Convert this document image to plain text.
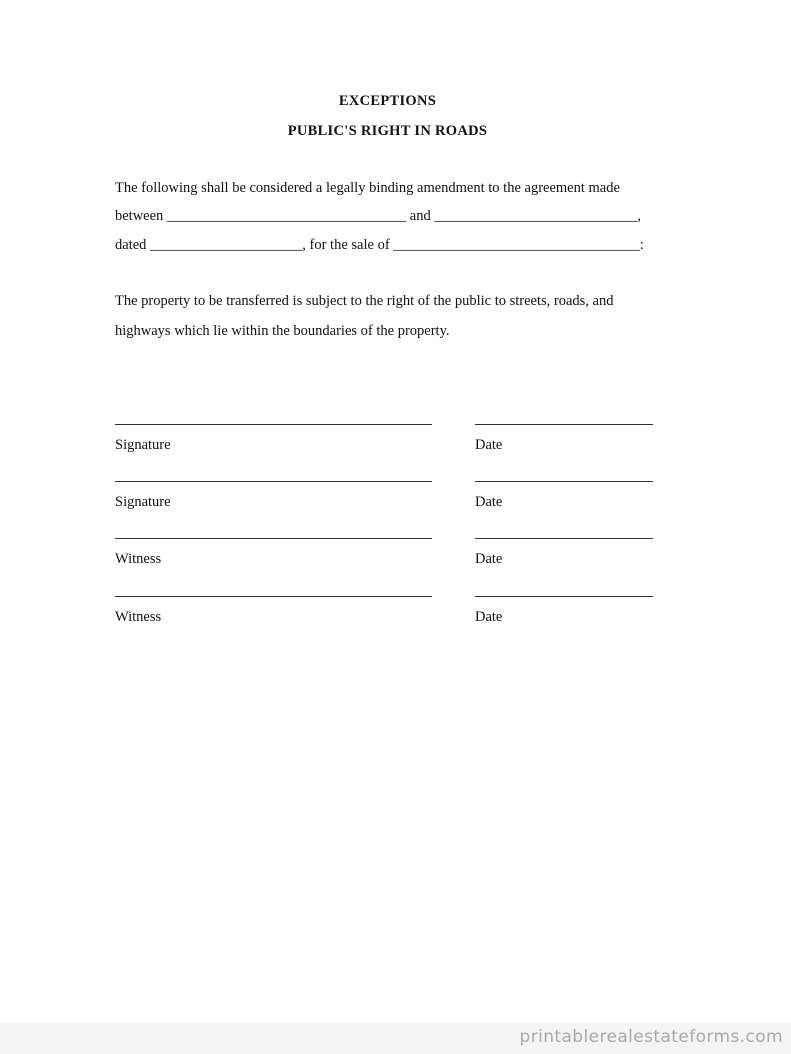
EXCEPTIONS
PUBLIC'S RIGHT IN ROADS
The following shall be considered a legally binding amendment to the agreement made
between _________________________________ and ____________________________,
dated _____________________, for the sale of __________________________________:
The property to be transferred is subject to the right of the public to streets, roads, and
highways which lie within the boundaries of the property.
Signature	Date
Signature	Date
Witness	Date
Witness	Date
printablerealestateforms.com
